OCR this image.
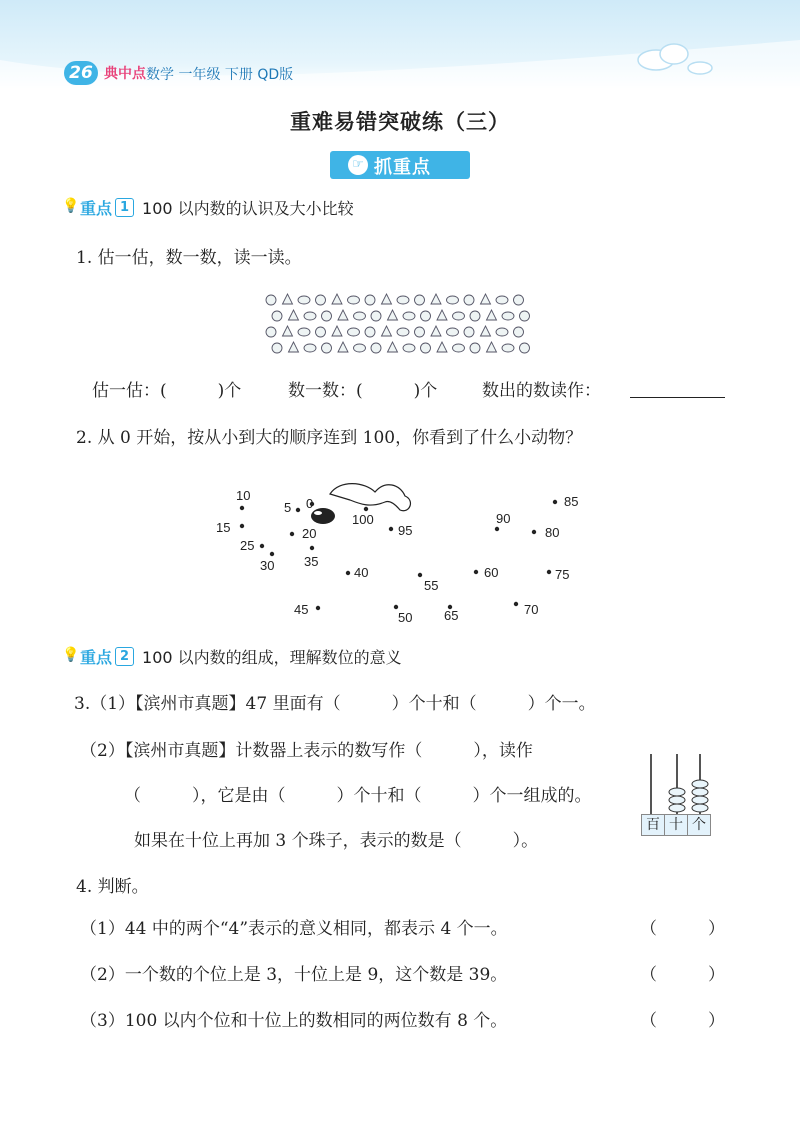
26 典中点 数学 一年级 下册 QD版
重难易错突破练（三）
☞ 抓重点
💡 重点 1 100 以内数的认识及大小比较
1. 估一估，数一数，读一读。
估一估：(　　　)个	数一数：(　　　)个	数出的数读作：
2. 从 0 开始，按从小到大的顺序连到 100，你看到了什么小动物？
0
5
10
15	20
25
30 35
40
45
50
55
60
65	70
75
80
85
90
95
100
💡 重点 2 100 以内数的组成，理解数位的意义
3.（1）【滨州市真题】47 里面有（　　　）个十和（　　　）个一。
（2）【滨州市真题】计数器上表示的数写作（　　　），读作
（　　　），它是由（　　　）个十和（　　　）个一组成的。
如果在十位上再加 3 个珠子，表示的数是（　　　）。
百 十 个
4. 判断。
（1）44 中的两个“4”表示的意义相同，都表示 4 个一。	（　　　）
（2）一个数的个位上是 3，十位上是 9，这个数是 39。	（　　　）
（3）100 以内个位和十位上的数相同的两位数有 8 个。	（　　　）
